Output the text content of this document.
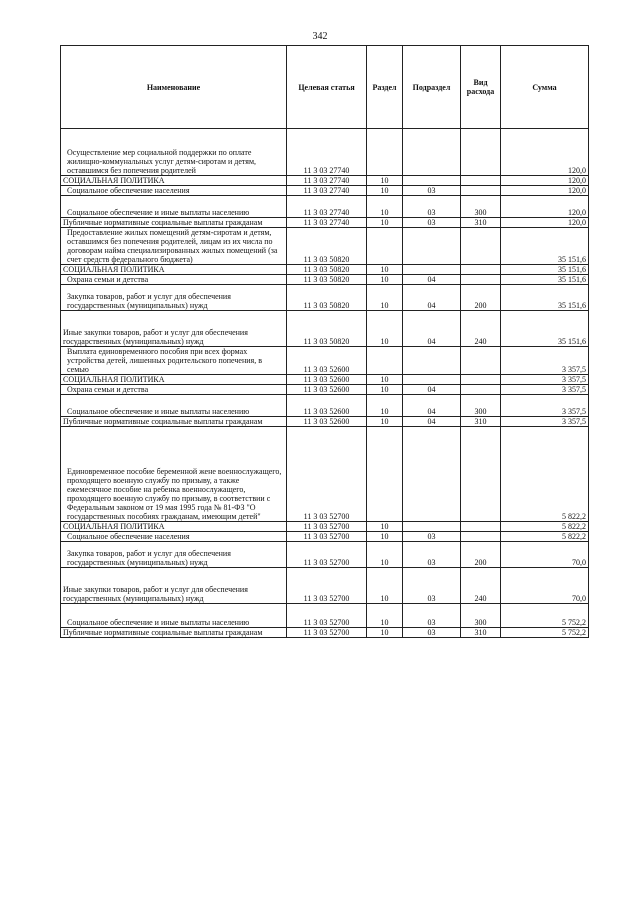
342
Наименование	Целевая статья	Раздел	Подраздел	Вид расхода	Сумма
Осуществление мер социальной поддержки по оплате жилищно-коммунальных услуг детям-сиротам и детям, оставшимся без попечения родителей	11 3 03 27740				120,0
СОЦИАЛЬНАЯ ПОЛИТИКА	11 3 03 27740	10			120,0
Социальное обеспечение населения	11 3 03 27740	10	03		120,0
Социальное обеспечение и иные выплаты населению	11 3 03 27740	10	03	300	120,0
Публичные нормативные социальные выплаты гражданам	11 3 03 27740	10	03	310	120,0
Предоставление жилых помещений детям-сиротам и детям, оставшимся без попечения родителей, лицам из их числа по договорам найма специализированных жилых помещений (за счет средств федерального бюджета)	11 3 03 50820				35 151,6
СОЦИАЛЬНАЯ ПОЛИТИКА	11 3 03 50820	10			35 151,6
Охрана семьи и детства	11 3 03 50820	10	04		35 151,6
Закупка товаров, работ и услуг для обеспечения государственных (муниципальных) нужд	11 3 03 50820	10	04	200	35 151,6
Иные закупки товаров, работ и услуг для обеспечения государственных (муниципальных) нужд	11 3 03 50820	10	04	240	35 151,6
Выплата единовременного пособия при всех формах устройства детей, лишенных родительского попечения, в семью	11 3 03 52600				3 357,5
СОЦИАЛЬНАЯ ПОЛИТИКА	11 3 03 52600	10			3 357,5
Охрана семьи и детства	11 3 03 52600	10	04		3 357,5
Социальное обеспечение и иные выплаты населению	11 3 03 52600	10	04	300	3 357,5
Публичные нормативные социальные выплаты гражданам	11 3 03 52600	10	04	310	3 357,5
Единовременное пособие беременной жене военнослужащего, проходящего военную службу по призыву, а также ежемесячное пособие на ребенка военнослужащего, проходящего военную службу по призыву, в соответствии с Федеральным законом от 19 мая 1995 года № 81-ФЗ "О государственных пособиях гражданам, имеющим детей"	11 3 03 52700				5 822,2
СОЦИАЛЬНАЯ ПОЛИТИКА	11 3 03 52700	10			5 822,2
Социальное обеспечение населения	11 3 03 52700	10	03		5 822,2
Закупка товаров, работ и услуг для обеспечения государственных (муниципальных) нужд	11 3 03 52700	10	03	200	70,0
Иные закупки товаров, работ и услуг для обеспечения государственных (муниципальных) нужд	11 3 03 52700	10	03	240	70,0
Социальное обеспечение и иные выплаты населению	11 3 03 52700	10	03	300	5 752,2
Публичные нормативные социальные выплаты гражданам	11 3 03 52700	10	03	310	5 752,2
